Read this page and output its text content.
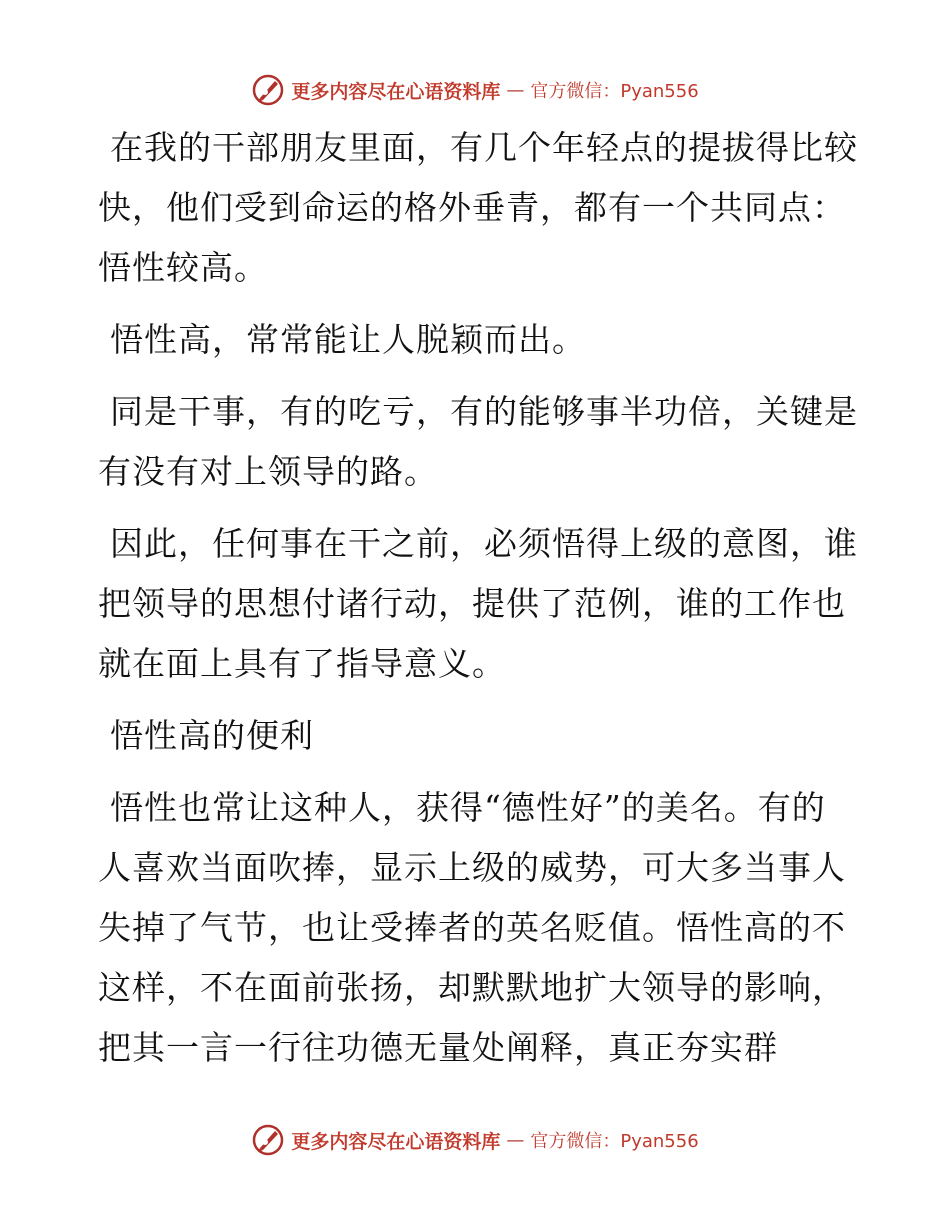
更多内容尽在心语资料库 — 官方微信：Pyan556

在我的干部朋友里面，有几个年轻点的提拔得比较快，他们受到命运的格外垂青，都有一个共同点：悟性较高。

悟性高，常常能让人脱颖而出。

同是干事，有的吃亏，有的能够事半功倍，关键是有没有对上领导的路。

因此，任何事在干之前，必须悟得上级的意图，谁把领导的思想付诸行动，提供了范例，谁的工作也就在面上具有了指导意义。

悟性高的便利

悟性也常让这种人，获得“德性好”的美名。有的人喜欢当面吹捧，显示上级的威势，可大多当事人失掉了气节，也让受捧者的英名贬值。悟性高的不这样，不在面前张扬，却默默地扩大领导的影响，把其一言一行往功德无量处阐释，真正夯实群

更多内容尽在心语资料库 — 官方微信：Pyan556
